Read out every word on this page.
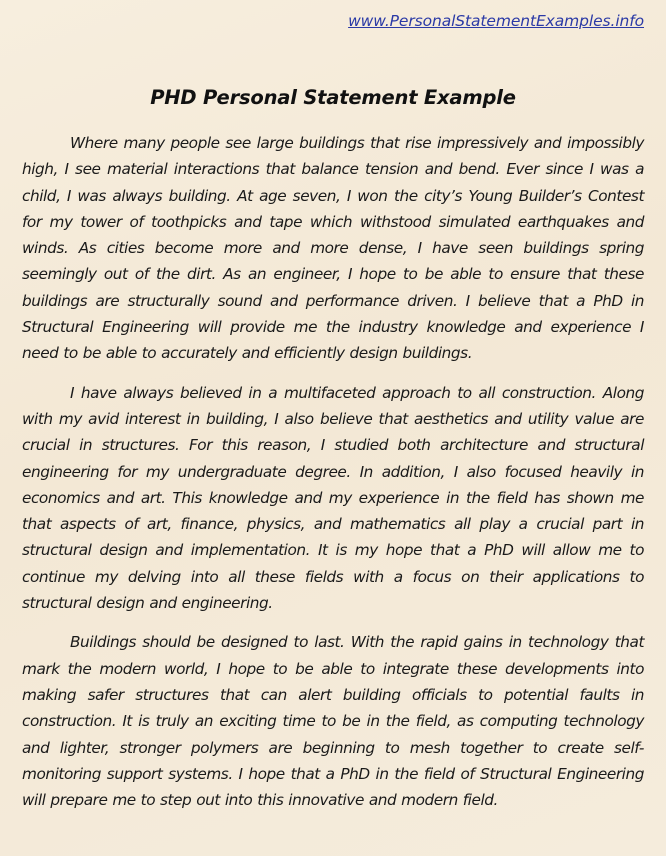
www.PersonalStatementExamples.info
PHD Personal Statement Example

Where many people see large buildings that rise impressively and impossibly high, I see material interactions that balance tension and bend. Ever since I was a child, I was always building. At age seven, I won the city’s Young Builder’s Contest for my tower of toothpicks and tape which withstood simulated earthquakes and winds. As cities become more and more dense, I have seen buildings spring seemingly out of the dirt. As an engineer, I hope to be able to ensure that these buildings are structurally sound and performance driven. I believe that a PhD in Structural Engineering will provide me the industry knowledge and experience I need to be able to accurately and efficiently design buildings.

I have always believed in a multifaceted approach to all construction. Along with my avid interest in building, I also believe that aesthetics and utility value are crucial in structures. For this reason, I studied both architecture and structural engineering for my undergraduate degree. In addition, I also focused heavily in economics and art. This knowledge and my experience in the field has shown me that aspects of art, finance, physics, and mathematics all play a crucial part in structural design and implementation. It is my hope that a PhD will allow me to continue my delving into all these fields with a focus on their applications to structural design and engineering.

Buildings should be designed to last. With the rapid gains in technology that mark the modern world, I hope to be able to integrate these developments into making safer structures that can alert building officials to potential faults in construction. It is truly an exciting time to be in the field, as computing technology and lighter, stronger polymers are beginning to mesh together to create self-monitoring support systems. I hope that a PhD in the field of Structural Engineering will prepare me to step out into this innovative and modern field.
